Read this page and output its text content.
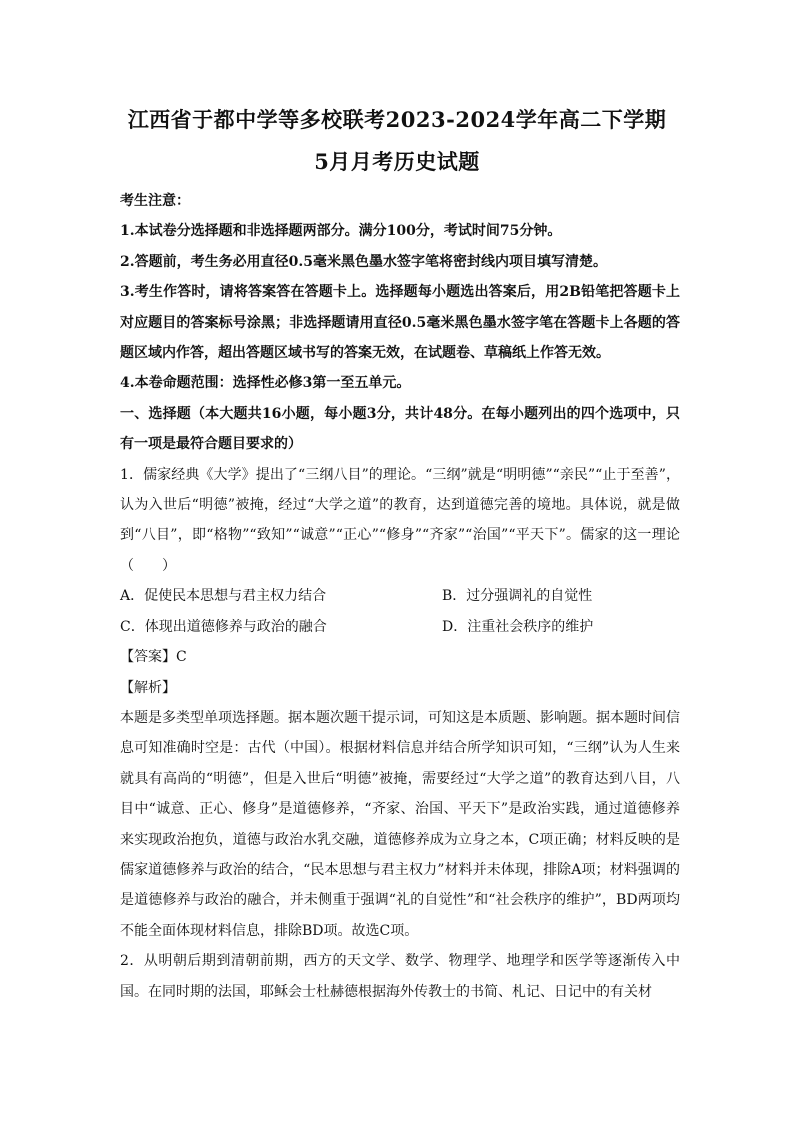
江西省于都中学等多校联考2023-2024学年高二下学期
5月月考历史试题

考生注意：

1.本试卷分选择题和非选择题两部分。满分100分，考试时间75分钟。

2.答题前，考生务必用直径0.5毫米黑色墨水签字笔将密封线内项目填写清楚。

3.考生作答时，请将答案答在答题卡上。选择题每小题选出答案后，用2B铅笔把答题卡上对应题目的答案标号涂黑；非选择题请用直径0.5毫米黑色墨水签字笔在答题卡上各题的答题区域内作答，超出答题区域书写的答案无效，在试题卷、草稿纸上作答无效。

4.本卷命题范围：选择性必修3第一至五单元。

一、选择题（本大题共16小题，每小题3分，共计48分。在每小题列出的四个选项中，只有一项是最符合题目要求的）

1．儒家经典《大学》提出了“三纲八目”的理论。“三纲”就是“明明德”“亲民”“止于至善”，认为入世后“明德”被掩，经过“大学之道”的教育，达到道德完善的境地。具体说，就是做到“八目”，即“格物”“致知”“诚意”“正心”“修身”“齐家”“治国”“平天下”。儒家的这一理论（　　）

A．促使民本思想与君主权力结合	B．过分强调礼的自觉性
C．体现出道德修养与政治的融合	D．注重社会秩序的维护

【答案】C

【解析】

本题是多类型单项选择题。据本题次题干提示词，可知这是本质题、影响题。据本题时间信息可知准确时空是：古代（中国）。根据材料信息并结合所学知识可知，“三纲”认为人生来就具有高尚的“明德”，但是入世后“明德”被掩，需要经过“大学之道”的教育达到八目，八目中“诚意、正心、修身”是道德修养，“齐家、治国、平天下”是政治实践，通过道德修养来实现政治抱负，道德与政治水乳交融，道德修养成为立身之本，C项正确；材料反映的是儒家道德修养与政治的结合，“民本思想与君主权力”材料并未体现，排除A项；材料强调的是道德修养与政治的融合，并未侧重于强调“礼的自觉性”和“社会秩序的维护”，BD两项均不能全面体现材料信息，排除BD项。故选C项。

2．从明朝后期到清朝前期，西方的天文学、数学、物理学、地理学和医学等逐渐传入中国。在同时期的法国，耶稣会士杜赫德根据海外传教士的书简、札记、日记中的有关材
